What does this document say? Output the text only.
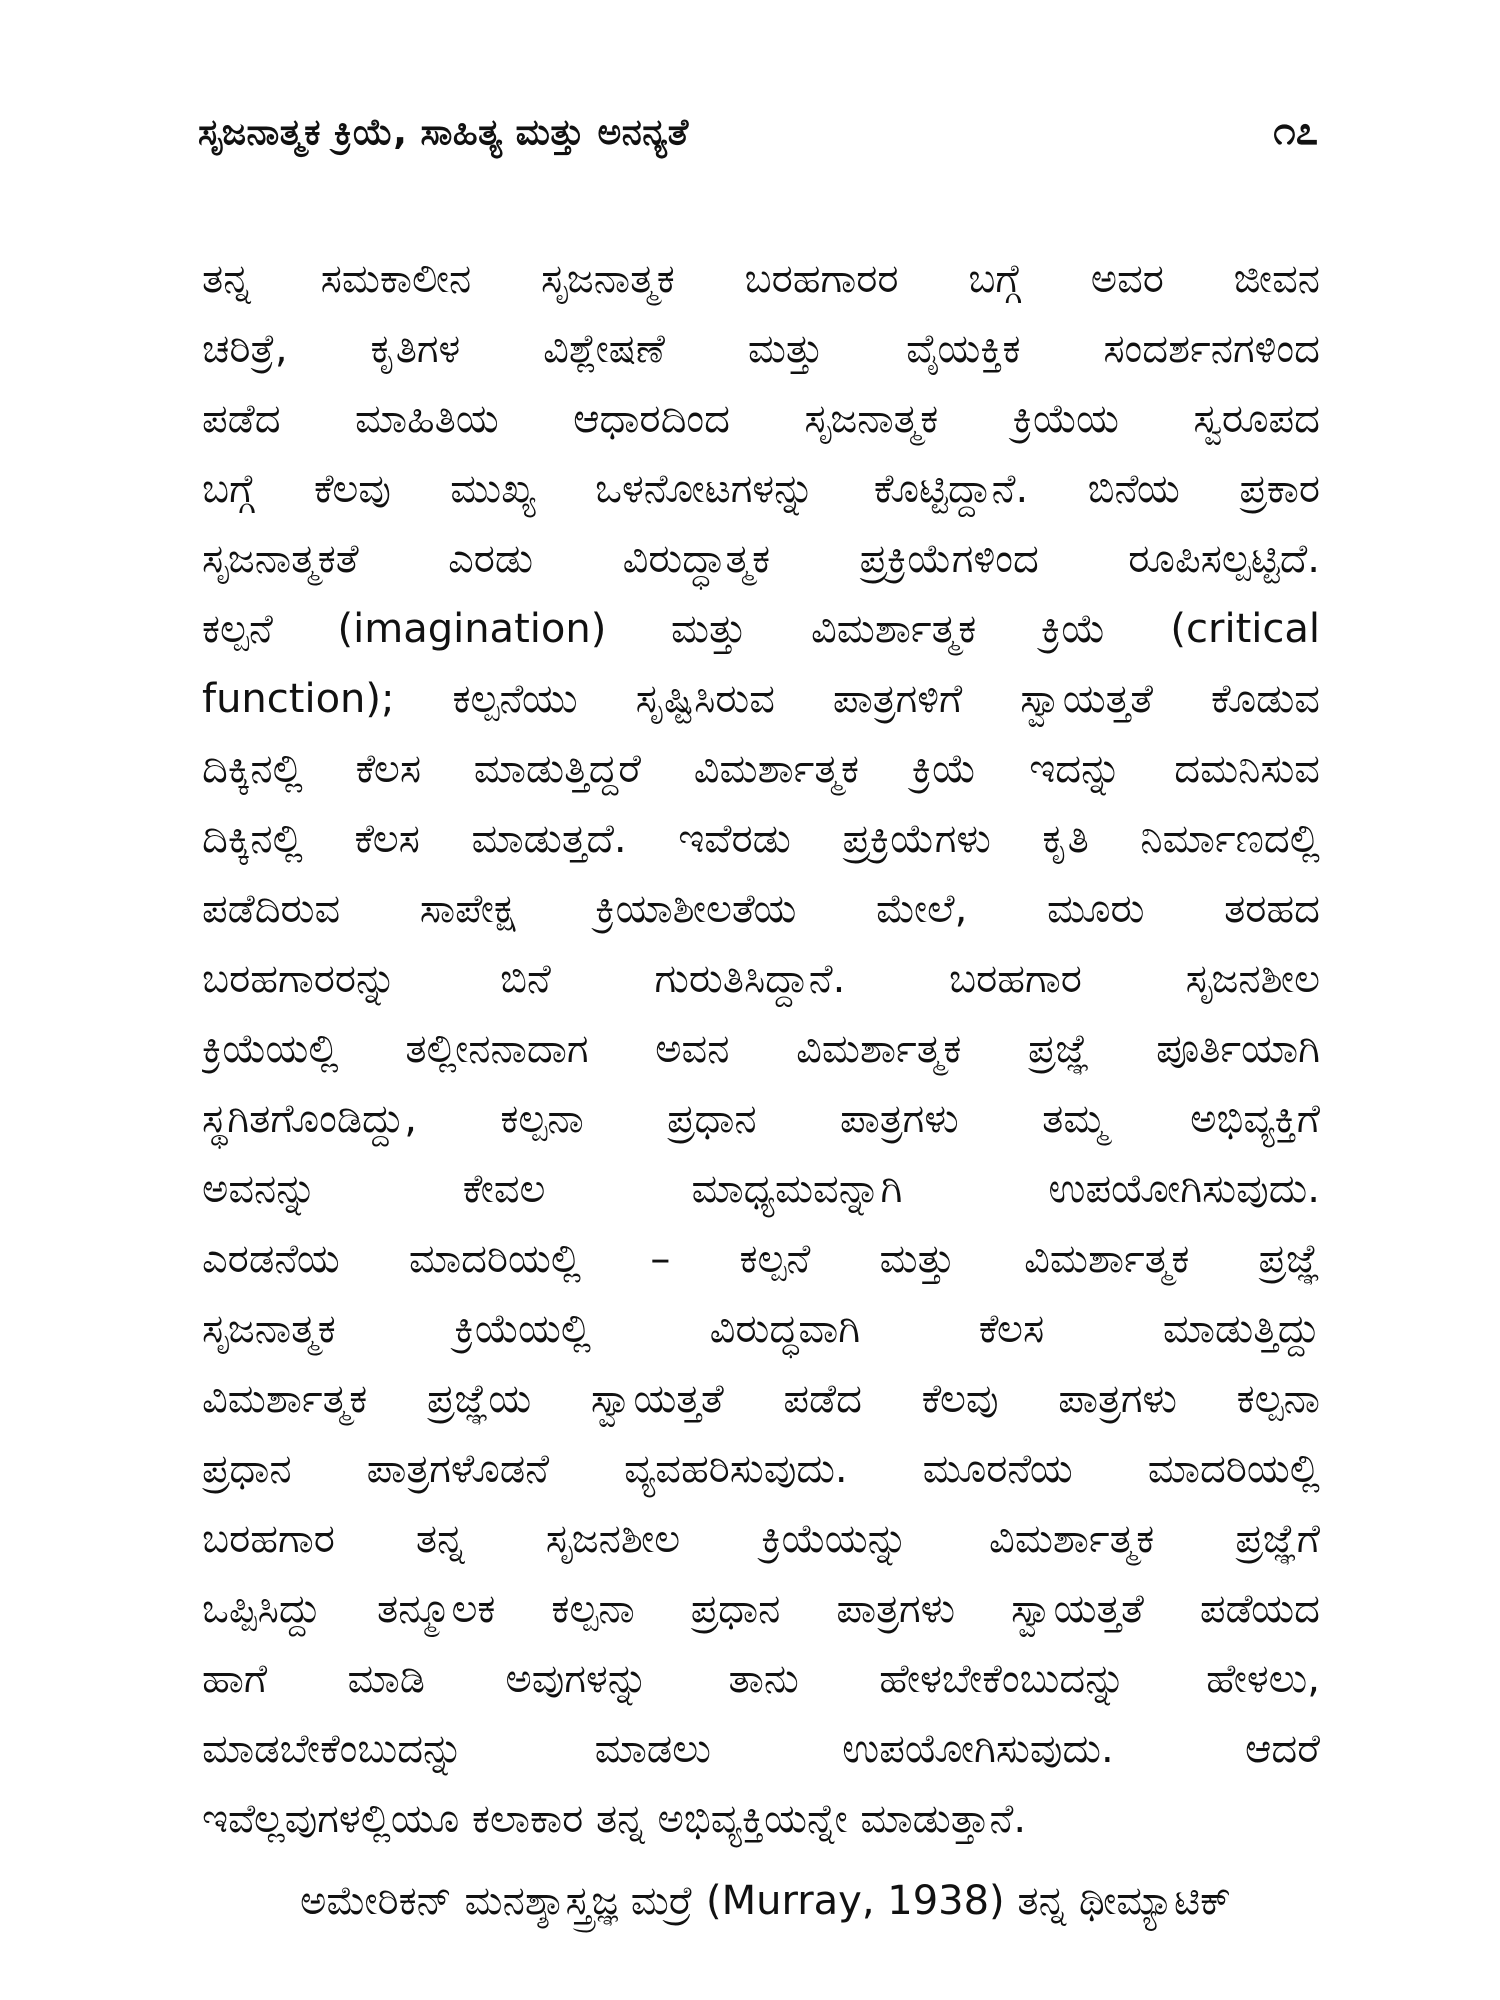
ಸೃಜನಾತ್ಮಕ ಕ್ರಿಯೆ, ಸಾಹಿತ್ಯ ಮತ್ತು ಅನನ್ಯತೆ	೧೭
ತನ್ನ ಸಮಕಾಲೀನ ಸೃಜನಾತ್ಮಕ ಬರಹಗಾರರ ಬಗ್ಗೆ ಅವರ ಜೀವನ
ಚರಿತ್ರೆ, ಕೃತಿಗಳ ವಿಶ್ಲೇಷಣೆ ಮತ್ತು ವೈಯಕ್ತಿಕ ಸಂದರ್ಶನಗಳಿಂದ
ಪಡೆದ ಮಾಹಿತಿಯ ಆಧಾರದಿಂದ ಸೃಜನಾತ್ಮಕ ಕ್ರಿಯೆಯ ಸ್ವರೂಪದ
ಬಗ್ಗೆ ಕೆಲವು ಮುಖ್ಯ ಒಳನೋಟಗಳನ್ನು ಕೊಟ್ಟಿದ್ದಾನೆ. ಬಿನೆಯ ಪ್ರಕಾರ
ಸೃಜನಾತ್ಮಕತೆ ಎರಡು ವಿರುದ್ಧಾತ್ಮಕ ಪ್ರಕ್ರಿಯೆಗಳಿಂದ ರೂಪಿಸಲ್ಪಟ್ಟಿದೆ.
ಕಲ್ಪನೆ (imagination) ಮತ್ತು ವಿಮರ್ಶಾತ್ಮಕ ಕ್ರಿಯೆ (critical
function); ಕಲ್ಪನೆಯು ಸೃಷ್ಟಿಸಿರುವ ಪಾತ್ರಗಳಿಗೆ ಸ್ವಾಯತ್ತತೆ ಕೊಡುವ
ದಿಕ್ಕಿನಲ್ಲಿ ಕೆಲಸ ಮಾಡುತ್ತಿದ್ದರೆ ವಿಮರ್ಶಾತ್ಮಕ ಕ್ರಿಯೆ ಇದನ್ನು ದಮನಿಸುವ
ದಿಕ್ಕಿನಲ್ಲಿ ಕೆಲಸ ಮಾಡುತ್ತದೆ. ಇವೆರಡು ಪ್ರಕ್ರಿಯೆಗಳು ಕೃತಿ ನಿರ್ಮಾಣದಲ್ಲಿ
ಪಡೆದಿರುವ ಸಾಪೇಕ್ಷ ಕ್ರಿಯಾಶೀಲತೆಯ ಮೇಲೆ, ಮೂರು ತರಹದ
ಬರಹಗಾರರನ್ನು ಬಿನೆ ಗುರುತಿಸಿದ್ದಾನೆ. ಬರಹಗಾರ ಸೃಜನಶೀಲ
ಕ್ರಿಯೆಯಲ್ಲಿ ತಲ್ಲೀನನಾದಾಗ ಅವನ ವಿಮರ್ಶಾತ್ಮಕ ಪ್ರಜ್ಞೆ ಪೂರ್ತಿಯಾಗಿ
ಸ್ಥಗಿತಗೊಂಡಿದ್ದು, ಕಲ್ಪನಾ ಪ್ರಧಾನ ಪಾತ್ರಗಳು ತಮ್ಮ ಅಭಿವ್ಯಕ್ತಿಗೆ
ಅವನನ್ನು ಕೇವಲ ಮಾಧ್ಯಮವನ್ನಾಗಿ ಉಪಯೋಗಿಸುವುದು.
ಎರಡನೆಯ ಮಾದರಿಯಲ್ಲಿ – ಕಲ್ಪನೆ ಮತ್ತು ವಿಮರ್ಶಾತ್ಮಕ ಪ್ರಜ್ಞೆ
ಸೃಜನಾತ್ಮಕ ಕ್ರಿಯೆಯಲ್ಲಿ ವಿರುದ್ಧವಾಗಿ ಕೆಲಸ ಮಾಡುತ್ತಿದ್ದು
ವಿಮರ್ಶಾತ್ಮಕ ಪ್ರಜ್ಞೆಯ ಸ್ವಾಯತ್ತತೆ ಪಡೆದ ಕೆಲವು ಪಾತ್ರಗಳು ಕಲ್ಪನಾ
ಪ್ರಧಾನ ಪಾತ್ರಗಳೊಡನೆ ವ್ಯವಹರಿಸುವುದು. ಮೂರನೆಯ ಮಾದರಿಯಲ್ಲಿ
ಬರಹಗಾರ ತನ್ನ ಸೃಜನಶೀಲ ಕ್ರಿಯೆಯನ್ನು ವಿಮರ್ಶಾತ್ಮಕ ಪ್ರಜ್ಞೆಗೆ
ಒಪ್ಪಿಸಿದ್ದು ತನ್ಮೂಲಕ ಕಲ್ಪನಾ ಪ್ರಧಾನ ಪಾತ್ರಗಳು ಸ್ವಾಯತ್ತತೆ ಪಡೆಯದ
ಹಾಗೆ ಮಾಡಿ ಅವುಗಳನ್ನು ತಾನು ಹೇಳಬೇಕೆಂಬುದನ್ನು ಹೇಳಲು,
ಮಾಡಬೇಕೆಂಬುದನ್ನು ಮಾಡಲು ಉಪಯೋಗಿಸುವುದು. ಆದರೆ
ಇವೆಲ್ಲವುಗಳಲ್ಲಿಯೂ ಕಲಾಕಾರ ತನ್ನ ಅಭಿವ್ಯಕ್ತಿಯನ್ನೇ ಮಾಡುತ್ತಾನೆ.
ಅಮೇರಿಕನ್ ಮನಶ್ಶಾಸ್ತ್ರಜ್ಞ ಮರ್ರೆ (Murray, 1938) ತನ್ನ ಥೀಮ್ಯಾಟಿಕ್
